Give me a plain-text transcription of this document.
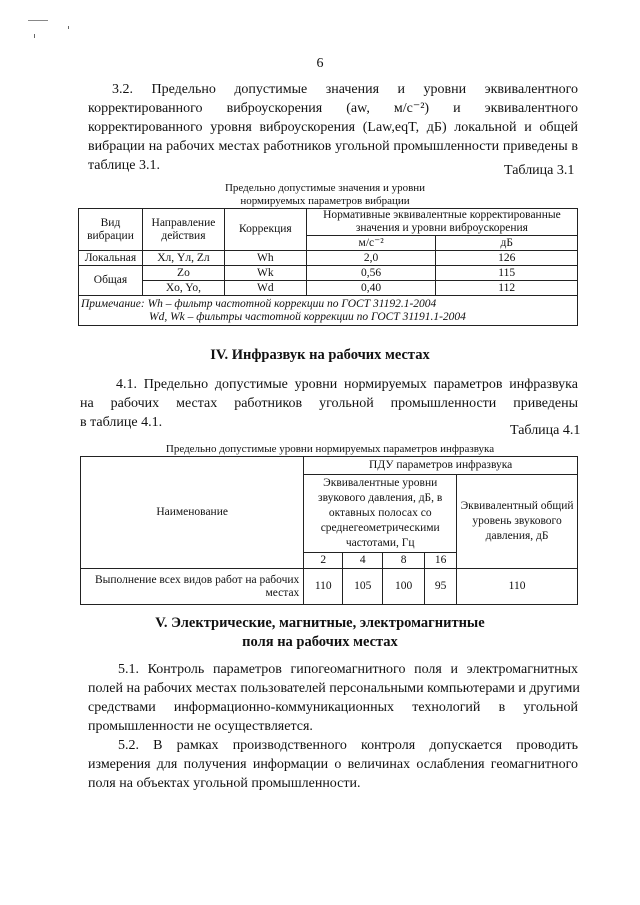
6
3.2. Предельно допустимые значения и уровни эквивалентного
корректированного виброускорения (aw, м/с⁻²) и эквивалентного
корректированного уровня виброускорения (Law,eqT, дБ) локальной и общей
вибрации на рабочих местах работников угольной промышленности приведены в
таблице 3.1.	Таблица 3.1
Предельно допустимые значения и уровни
нормируемых параметров вибрации
Вид вибрации	Направление действия	Коррекция	Нормативные эквивалентные корректированные значения и уровни виброускорения	
			м/с⁻²	дБ
Локальная	Xл, Yл, Zл	Wh	2,0	126
Общая	Zo	Wk	0,56	115
	Xo, Yo,	Wd	0,40	112

Примечание: Wh – фильтр частотной коррекции по ГОСТ 31192.1-2004
Wd, Wk – фильтры частотной коррекции по ГОСТ 31191.1-2004				
IV. Инфразвук на рабочих местах
4.1. Предельно допустимые уровни нормируемых параметров инфразвука
на рабочих местах работников угольной промышленности приведены
в таблице 4.1.
Таблица 4.1
Предельно допустимые уровни нормируемых параметров инфразвука
Наименование	ПДУ параметров инфразвука				
	Эквивалентные уровни звукового давления, дБ, в октавных полосах со среднегеометрическими частотами, Гц				Эквивалентный общий уровень звукового давления, дБ
	2	4	8	16	
Выполнение всех видов работ на рабочих местах	110	105	100	95	110
V. Электрические, магнитные, электромагнитные
поля на рабочих местах
5.1. Контроль параметров гипогеомагнитного поля и электромагнитных
полей на рабочих местах пользователей персональными компьютерами и другими
средствами информационно-коммуникационных технологий в угольной
промышленности не осуществляется.
5.2. В рамках производственного контроля допускается проводить
измерения для получения информации о величинах ослабления геомагнитного
поля на объектах угольной промышленности.
